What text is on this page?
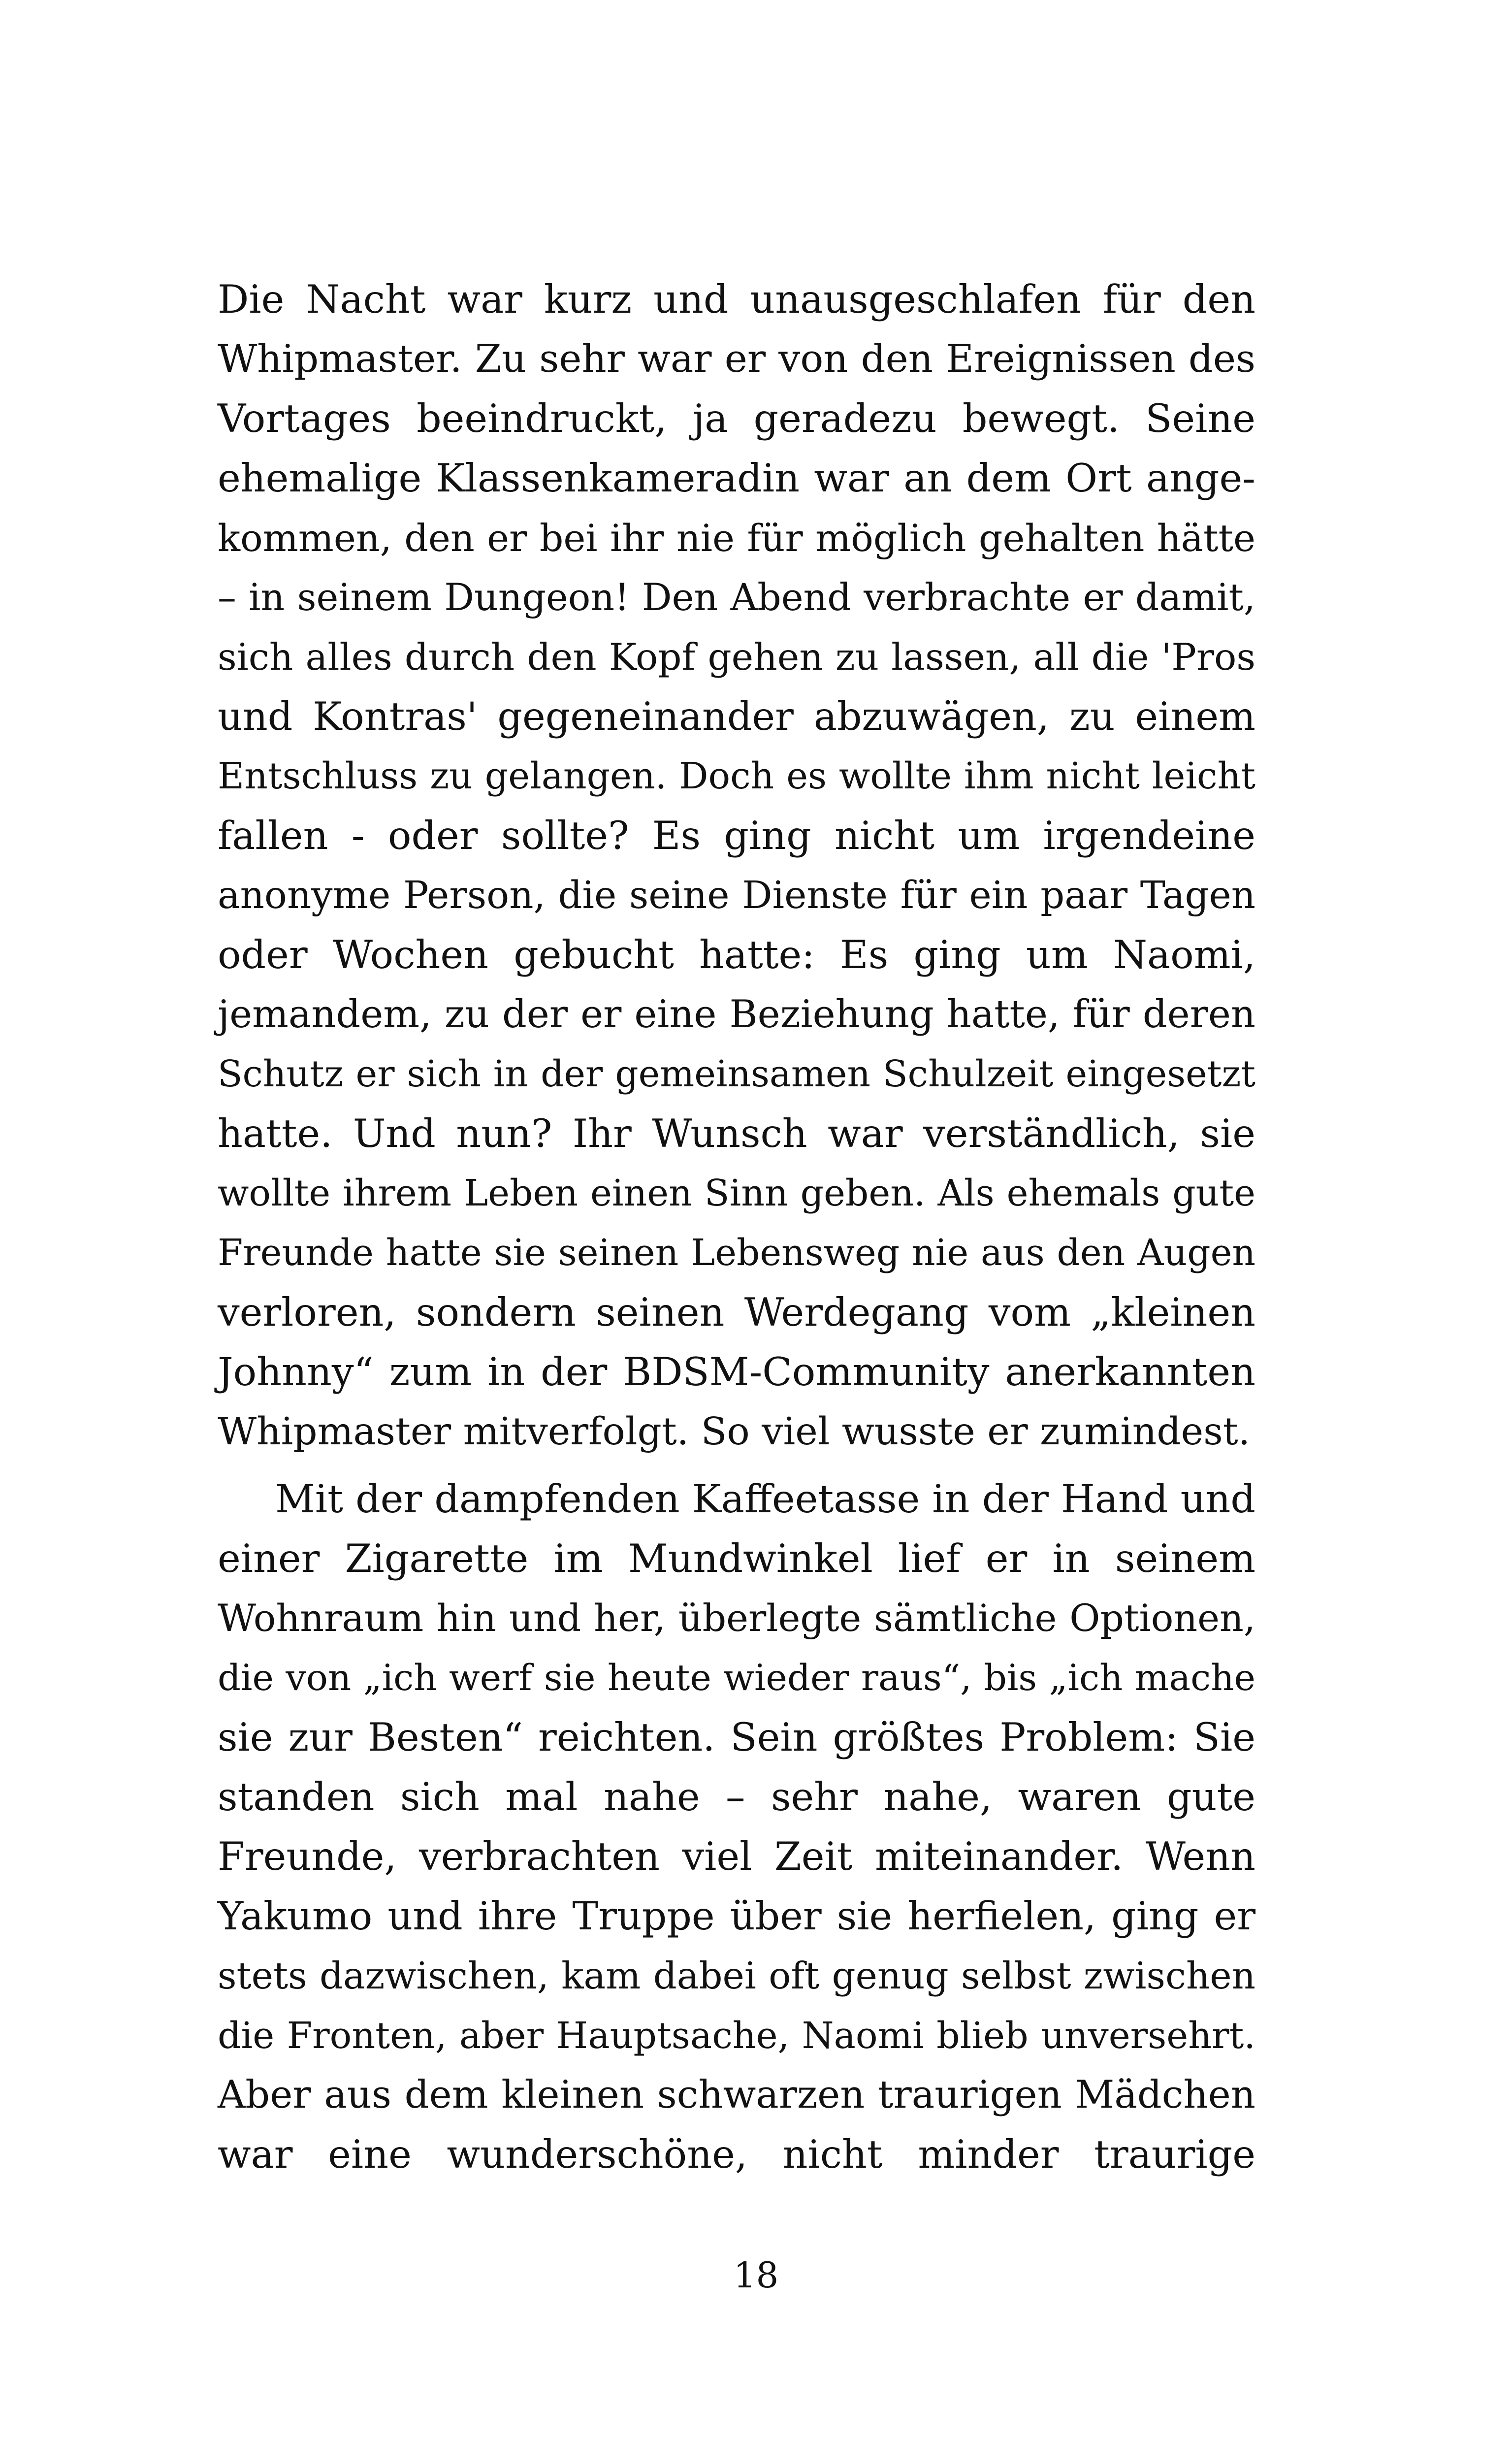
Die Nacht war kurz und unausgeschlafen für den
Whipmaster. Zu sehr war er von den Ereignissen des
Vortages beeindruckt, ja geradezu bewegt. Seine
ehemalige Klassenkameradin war an dem Ort ange-
kommen, den er bei ihr nie für möglich gehalten hätte
– in seinem Dungeon! Den Abend verbrachte er damit,
sich alles durch den Kopf gehen zu lassen, all die 'Pros
und Kontras' gegeneinander abzuwägen, zu einem
Entschluss zu gelangen. Doch es wollte ihm nicht leicht
fallen - oder sollte? Es ging nicht um irgendeine
anonyme Person, die seine Dienste für ein paar Tagen
oder Wochen gebucht hatte: Es ging um Naomi,
jemandem, zu der er eine Beziehung hatte, für deren
Schutz er sich in der gemeinsamen Schulzeit eingesetzt
hatte. Und nun? Ihr Wunsch war verständlich, sie
wollte ihrem Leben einen Sinn geben. Als ehemals gute
Freunde hatte sie seinen Lebensweg nie aus den Augen
verloren, sondern seinen Werdegang vom „kleinen
Johnny“ zum in der BDSM-Community anerkannten
Whipmaster mitverfolgt. So viel wusste er zumindest.
Mit der dampfenden Kaffeetasse in der Hand und
einer Zigarette im Mundwinkel lief er in seinem
Wohnraum hin und her, überlegte sämtliche Optionen,
die von „ich werf sie heute wieder raus“, bis „ich mache
sie zur Besten“ reichten. Sein größtes Problem: Sie
standen sich mal nahe – sehr nahe, waren gute
Freunde, verbrachten viel Zeit miteinander. Wenn
Yakumo und ihre Truppe über sie herfielen, ging er
stets dazwischen, kam dabei oft genug selbst zwischen
die Fronten, aber Hauptsache, Naomi blieb unversehrt.
Aber aus dem kleinen schwarzen traurigen Mädchen
war eine wunderschöne, nicht minder traurige
18
